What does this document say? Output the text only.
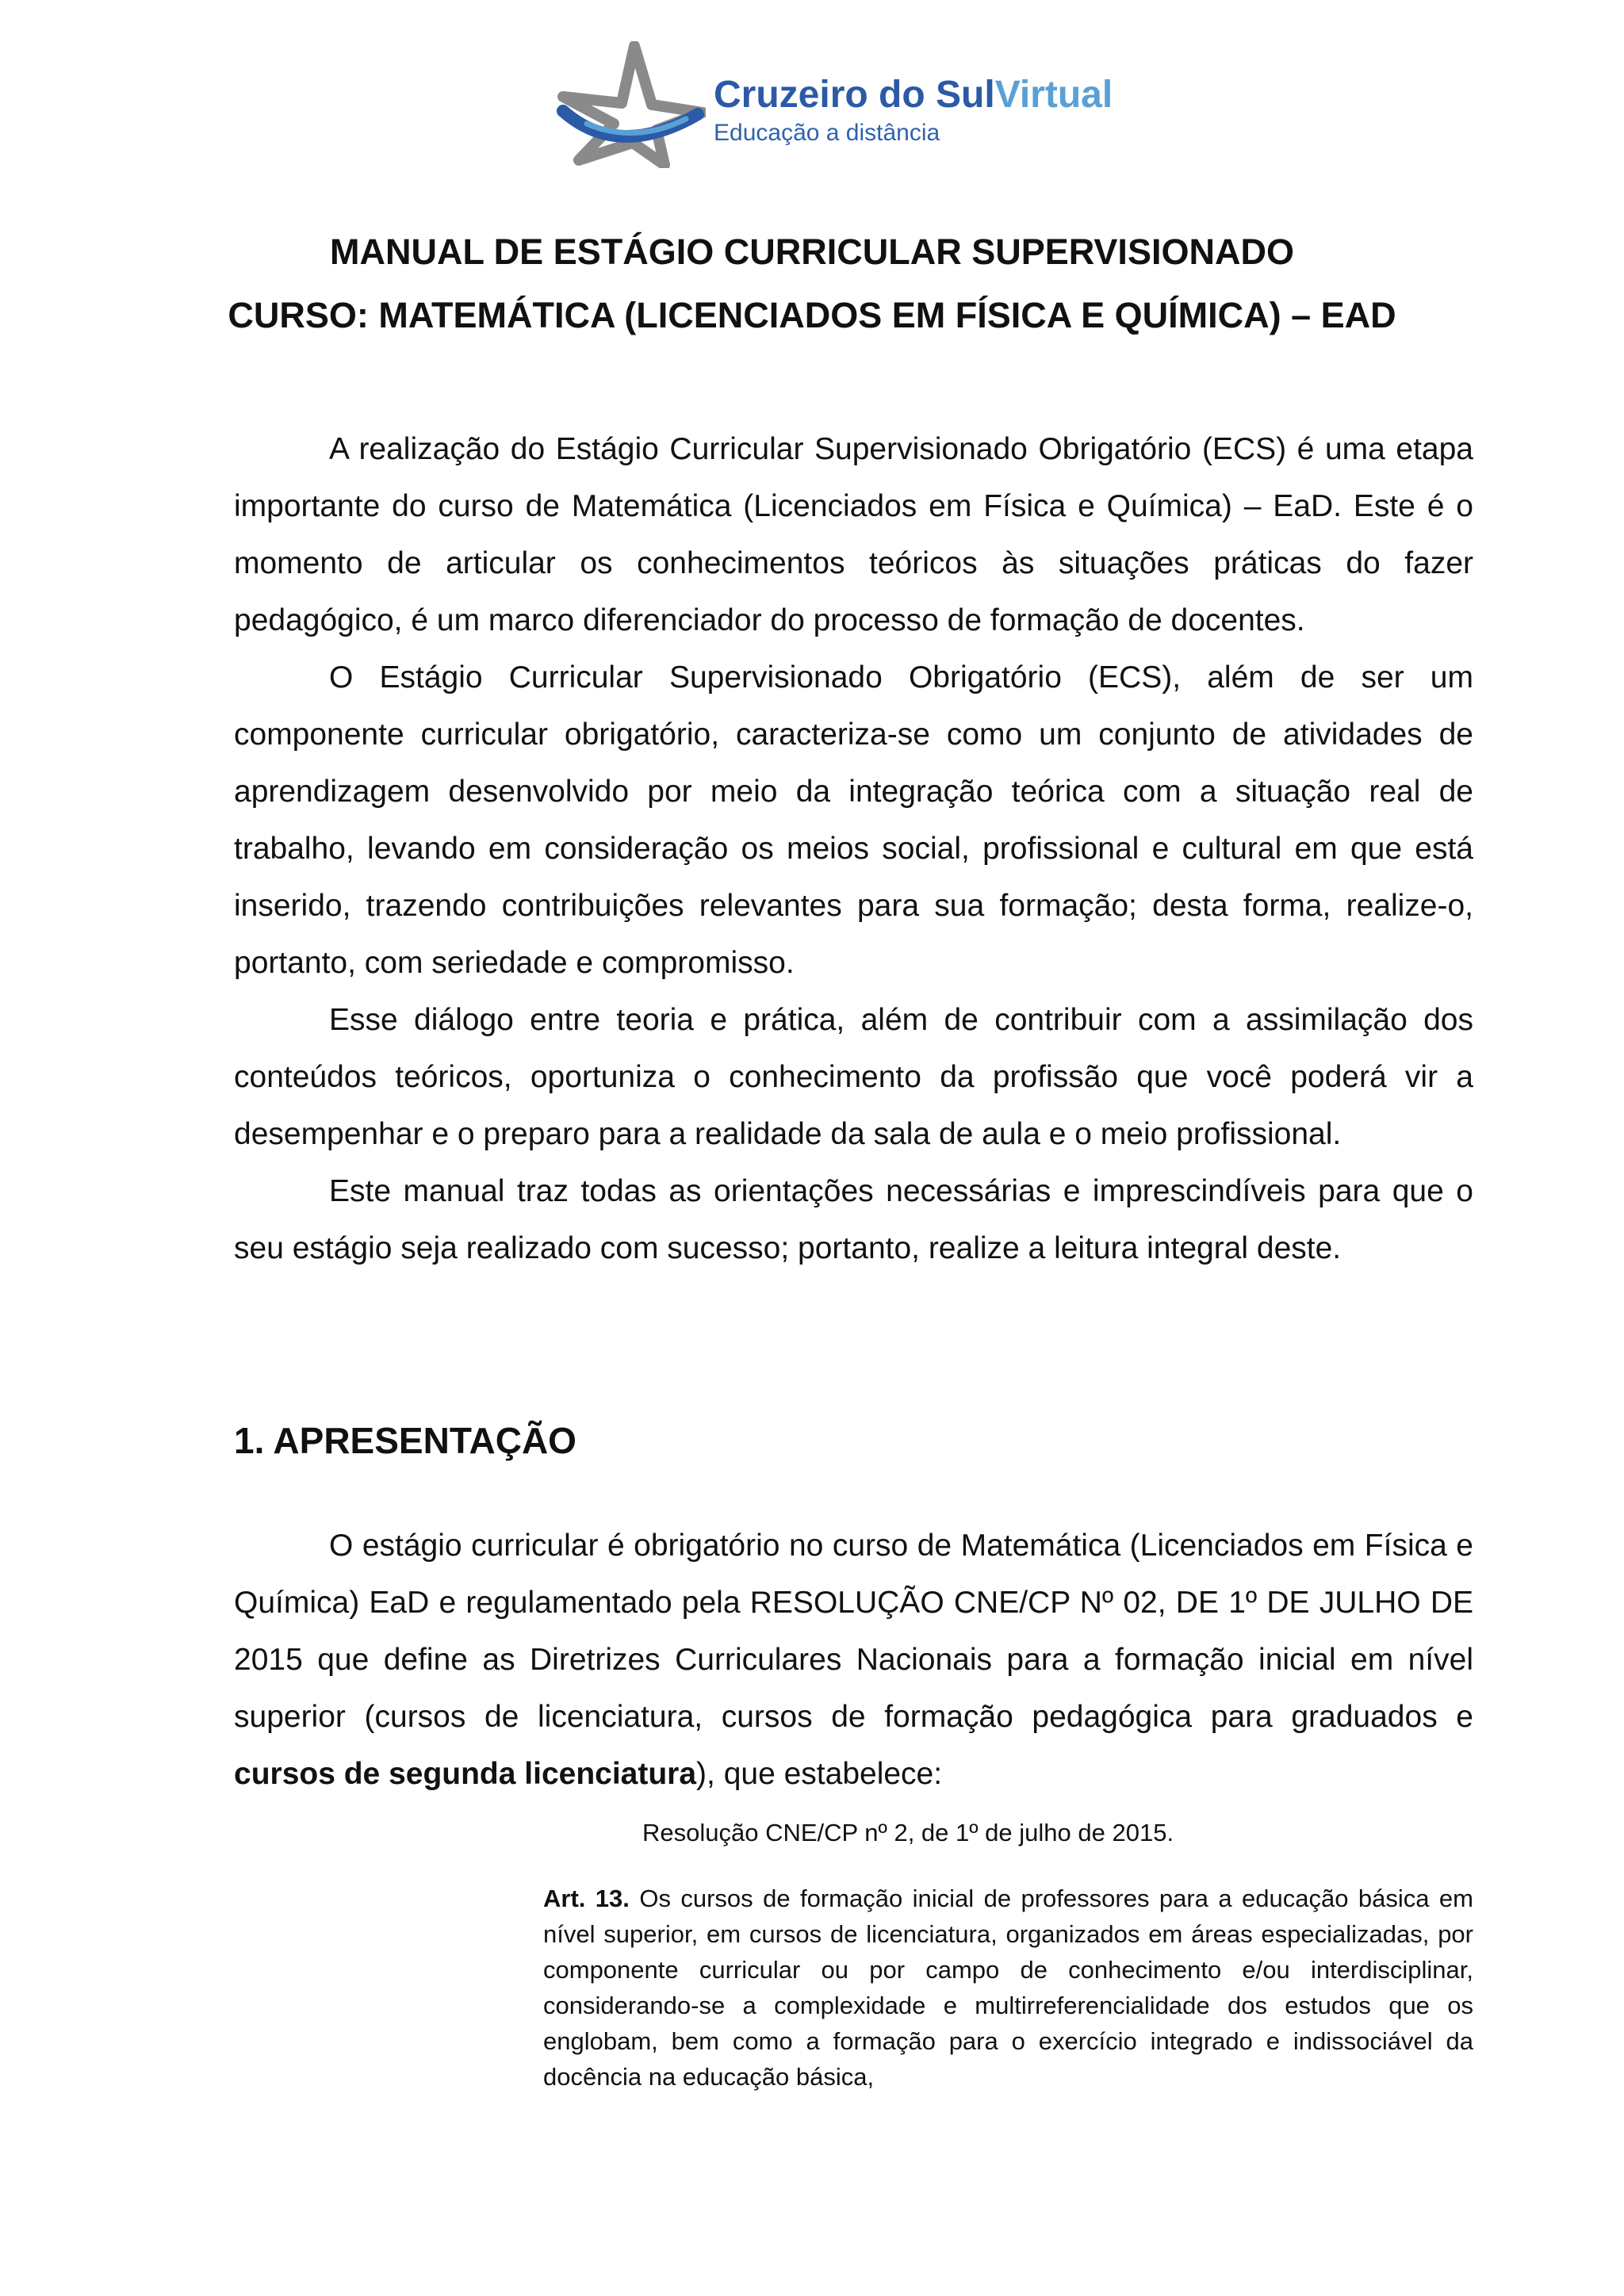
Cruzeiro do SulVirtual
Educação a distância
MANUAL DE ESTÁGIO CURRICULAR SUPERVISIONADO
CURSO: MATEMÁTICA (LICENCIADOS EM FÍSICA E QUÍMICA) – EAD

A realização do Estágio Curricular Supervisionado Obrigatório (ECS) é uma etapa importante do curso de Matemática (Licenciados em Física e Química) – EaD. Este é o momento de articular os conhecimentos teóricos às situações práticas do fazer pedagógico, é um marco diferenciador do processo de formação de docentes.

O Estágio Curricular Supervisionado Obrigatório (ECS), além de ser um componente curricular obrigatório, caracteriza-se como um conjunto de atividades de aprendizagem desenvolvido por meio da integração teórica com a situação real de trabalho, levando em consideração os meios social, profissional e cultural em que está inserido, trazendo contribuições relevantes para sua formação; desta forma, realize-o, portanto, com seriedade e compromisso.

Esse diálogo entre teoria e prática, além de contribuir com a assimilação dos conteúdos teóricos, oportuniza o conhecimento da profissão que você poderá vir a desempenhar e o preparo para a realidade da sala de aula e o meio profissional.

Este manual traz todas as orientações necessárias e imprescindíveis para que o seu estágio seja realizado com sucesso; portanto, realize a leitura integral deste.

1. APRESENTAÇÃO

O estágio curricular é obrigatório no curso de Matemática (Licenciados em Física e Química) EaD e regulamentado pela RESOLUÇÃO CNE/CP Nº 02, DE 1º DE JULHO DE 2015 que define as Diretrizes Curriculares Nacionais para a formação inicial em nível superior (cursos de licenciatura, cursos de formação pedagógica para graduados e cursos de segunda licenciatura), que estabelece:

Resolução CNE/CP nº 2, de 1º de julho de 2015.
Art. 13. Os cursos de formação inicial de professores para a educação básica em nível superior, em cursos de licenciatura, organizados em áreas especializadas, por componente curricular ou por campo de conhecimento e/ou interdisciplinar, considerando-se a complexidade e multirreferencialidade dos estudos que os englobam, bem como a formação para o exercício integrado e indissociável da docência na educação básica,
